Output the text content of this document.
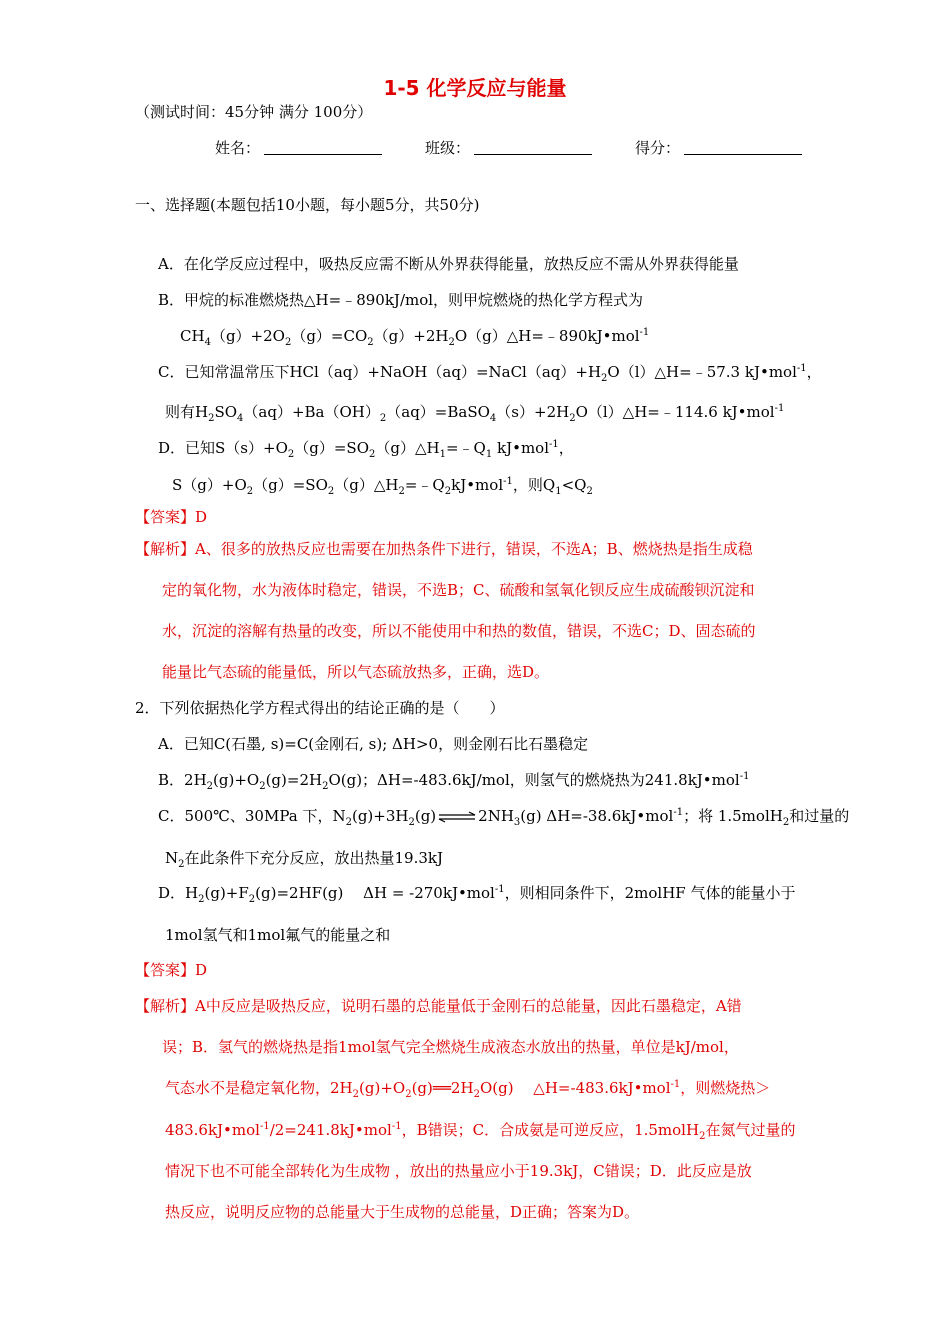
1-5 化学反应与能量
（测试时间：45分钟 满分 100分）
姓名：	班级：	得分：
一、选择题(本题包括10小题，每小题5分，共50分)
A．在化学反应过程中，吸热反应需不断从外界获得能量，放热反应不需从外界获得能量
B．甲烷的标准燃烧热△H=﹣890kJ/mol，则甲烷燃烧的热化学方程式为
$CH_4(g)+2O_2(g)=CO_2(g)+2H_2O(g)\triangle H=﹣890kJ•mol^{-1}$
C．已知常温常压下$HCl(aq)+NaOH(aq)=NaCl(aq)+H_2O(l)\triangle H=﹣57.3$ kJ•mol$^{-1}$，
则有$H_2SO_4(aq)+Ba(OH)_2(aq)=BaSO_4(s)+2H_2O(l)\triangle H=﹣114.6$ kJ•mol$^{-1}$
D．已知$S(s)+O_2(g)=SO_2(g)\triangle H_1=﹣Q_1$ kJ•mol$^{-1}$，
$S(g)+O_2(g)=SO_2(g)\triangle H_2=﹣Q_2kJ•mol^{-1}$，则$Q_1<Q_2$
【答案】D
【解析】A、很多的放热反应也需要在加热条件下进行，错误，不选A；B、燃烧热是指生成稳
定的氧化物，水为液体时稳定，错误，不选B；C、硫酸和氢氧化钡反应生成硫酸钡沉淀和
水，沉淀的溶解有热量的改变，所以不能使用中和热的数值，错误，不选C；D、固态硫的
能量比气态硫的能量低，所以气态硫放热多，正确，选D。
2．下列依据热化学方程式得出的结论正确的是（　　）
A．已知C(石墨, s)=C(金刚石, s); ΔH>0，则金刚石比石墨稳定
B．$2H_2(g)+O_2(g)=2H_2O(g)$；ΔH=-483.6kJ/mol，则氢气的燃烧热为241.8kJ•mol$^{-1}$
C．500℃、30MPa 下，$N_2(g)+3H_2(g)\rightleftharpoons 2NH_3(g)$ ΔH=-38.6kJ•mol$^{-1}$；将 1.5molH$_2$和过量的
$N_2$在此条件下充分反应，放出热量19.3kJ
D．$H_2(g)+F_2(g)=2HF(g)$　 ΔH = -270kJ•mol$^{-1}$，则相同条件下，2molHF 气体的能量小于
1mol氢气和1mol氟气的能量之和
【答案】D
【解析】A中反应是吸热反应，说明石墨的总能量低于金刚石的总能量，因此石墨稳定，A错
误；B．氢气的燃烧热是指1mol氢气完全燃烧生成液态水放出的热量，单位是kJ/mol，
气态水不是稳定氧化物，$2H_2(g)+O_2(g)══2H_2O(g)$　 △H=-483.6kJ•mol$^{-1}$，则燃烧热＞
483.6kJ•mol$^{-1}$/2=241.8kJ•mol$^{-1}$，B错误；C．合成氨是可逆反应，1.5molH$_2$在氮气过量的
情况下也不可能全部转化为生成物 ，放出的热量应小于19.3kJ，C错误；D．此反应是放
热反应，说明反应物的总能量大于生成物的总能量，D正确；答案为D。
